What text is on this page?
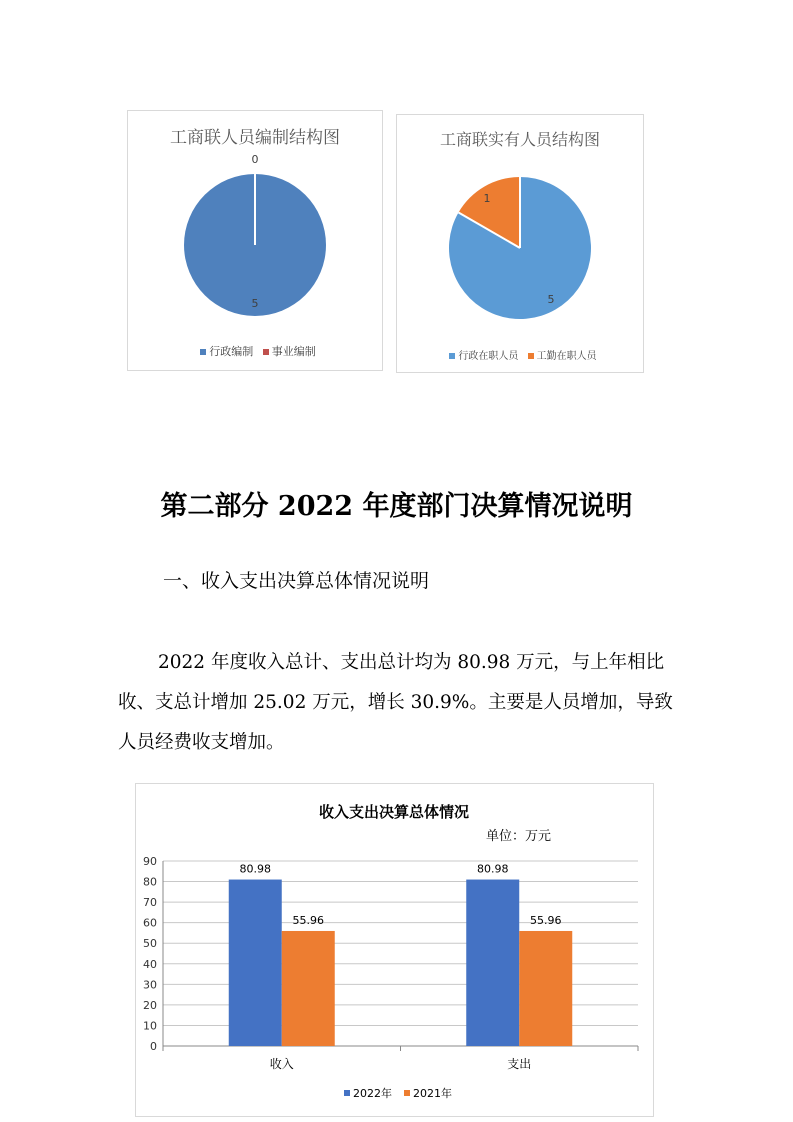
工商联人员编制结构图
5
0
行政编制 事业编制
工商联实有人员结构图
5
1
行政在职人员 工勤在职人员
第二部分 2022 年度部门决算情况说明
一、收入支出决算总体情况说明
2022 年度收入总计、支出总计均为 80.98 万元，与上年相比收、支总计增加 25.02 万元，增长 30.9%。主要是人员增加，导致人员经费收支增加。
收入支出决算总体情况
单位：万元
0
10
20
30
40
50
60
70
80
90
80.98
55.96
收入
80.98
55.96
支出
2022年 2021年
